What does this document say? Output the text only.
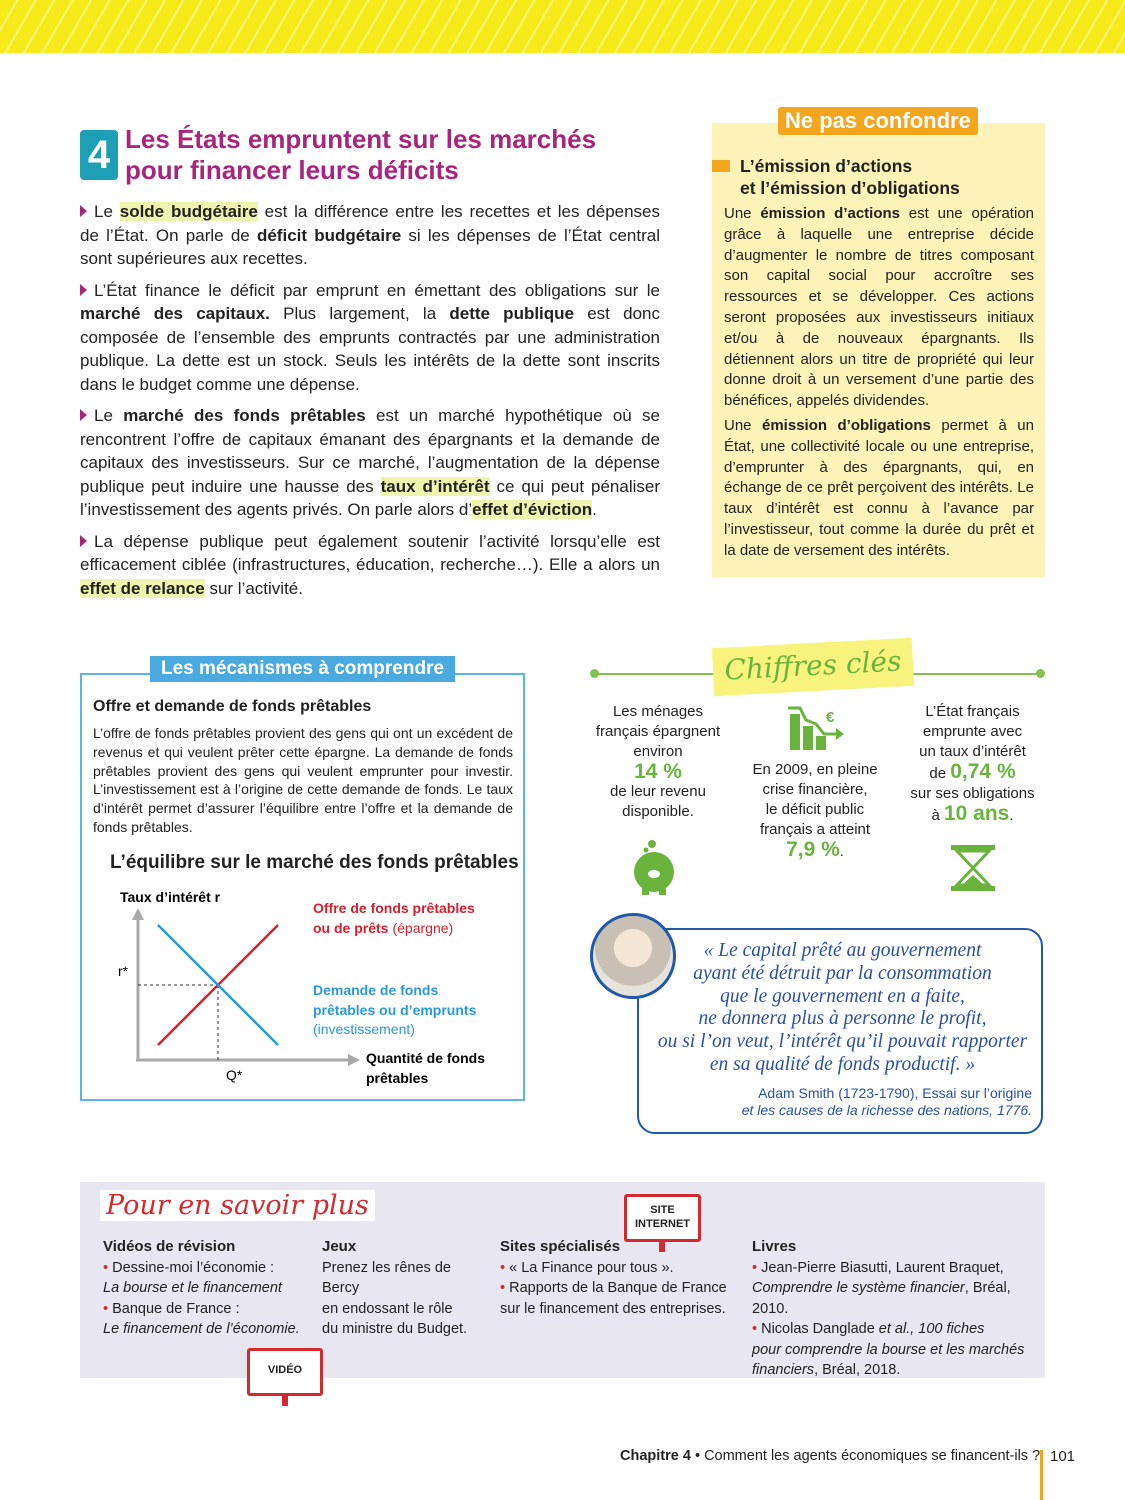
4 Les États empruntent sur les marchés
pour financer leurs déficits

Le solde budgétaire est la différence entre les recettes et les dépenses de l’État. On parle de déficit budgétaire si les dépenses de l’État central sont supérieures aux recettes.

L’État finance le déficit par emprunt en émettant des obligations sur le marché des capitaux. Plus largement, la dette publique est donc composée de l’ensemble des emprunts contractés par une administration publique. La dette est un stock. Seuls les intérêts de la dette sont inscrits dans le budget comme une dépense.

Le marché des fonds prêtables est un marché hypothétique où se rencontrent l’offre de capitaux émanant des épargnants et la demande de capitaux des investisseurs. Sur ce marché, l’augmentation de la dépense publique peut induire une hausse des taux d’intérêt ce qui peut pénaliser l’investissement des agents privés. On parle alors d’effet d’éviction.

La dépense publique peut également soutenir l’activité lorsqu’elle est efficacement ciblée (infrastructures, éducation, recherche…). Elle a alors un effet de relance sur l’activité.

Ne pas confondre
L’émission d’actions
et l’émission d’obligations

Une émission d’actions est une opération grâce à laquelle une entreprise décide d’augmenter le nombre de titres composant son capital social pour accroître ses ressources et se développer. Ces actions seront proposées aux investisseurs initiaux et/ou à de nouveaux épargnants. Ils détiennent alors un titre de propriété qui leur donne droit à un versement d’une partie des bénéfices, appelés dividendes.

Une émission d’obligations permet à un État, une collectivité locale ou une entreprise, d’emprunter à des épargnants, qui, en échange de ce prêt perçoivent des intérêts. Le taux d’intérêt est connu à l’avance par l’investisseur, tout comme la durée du prêt et la date de versement des intérêts.

Les mécanismes à comprendre
Offre et demande de fonds prêtables
L’offre de fonds prêtables provient des gens qui ont un excédent de revenus et qui veulent prêter cette épargne. La demande de fonds prêtables provient des gens qui veulent emprunter pour investir. L’investissement est à l’origine de cette demande de fonds. Le taux d’intérêt permet d’assurer l’équilibre entre l’offre et la demande de fonds prêtables.
L’équilibre sur le marché des fonds prêtables
Taux d’intérêt r
r*
Q*
Offre de fonds prêtables ou de prêts (épargne)
Demande de fonds prêtables ou d’emprunts (investissement)
Quantité de fonds prêtables
Chiffres clés
Les ménages
français épargnent
environ
14 %
de leur revenu
disponible.
€
En 2009, en pleine
crise financière,
le déficit public
français a atteint
7,9 %.
L’État français
emprunte avec
un taux d’intérêt
de 0,74 %
sur ses obligations
à 10 ans.
« Le capital prêté au gouvernement
ayant été détruit par la consommation
que le gouvernement en a faite,
ne donnera plus à personne le profit,
ou si l’on veut, l’intérêt qu’il pouvait rapporter
en sa qualité de fonds productif. »
Adam Smith (1723-1790), Essai sur l’origine
et les causes de la richesse des nations, 1776.
Pour en savoir plus
Vidéos de révision
• Dessine-moi l’économie :
La bourse et le financement
• Banque de France :
Le financement de l’économie.
VIDÉO
Jeux
Prenez les rênes de Bercy
en endossant le rôle
du ministre du Budget.
Sites spécialisés
• « La Finance pour tous ».
• Rapports de la Banque de France
sur le financement des entreprises.
SITE
INTERNET
Livres
• Jean-Pierre Biasutti, Laurent Braquet,
Comprendre le système financier, Bréal, 2010.
• Nicolas Danglade et al., 100 fiches
pour comprendre la bourse et les marchés
financiers, Bréal, 2018.
Chapitre 4 • Comment les agents économiques se financent-ils ? 101
